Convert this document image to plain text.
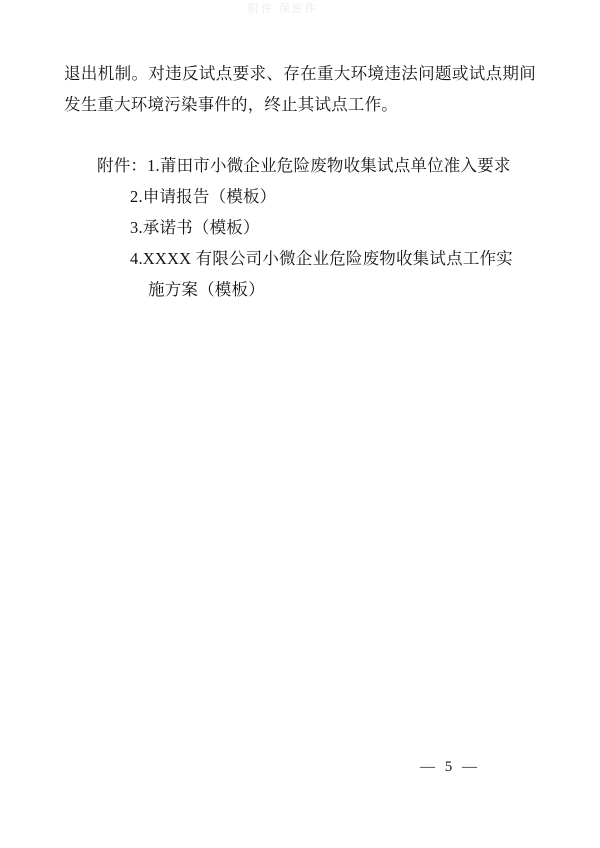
附件 保密件

退出机制。对违反试点要求、存在重大环境违法问题或试点期间发生重大环境污染事件的，终止其试点工作。

附件：1.莆田市小微企业危险废物收集试点单位准入要求
2.申请报告（模板）
3.承诺书（模板）
4.XXXX 有限公司小微企业危险废物收集试点工作实
施方案（模板）
— 5 —
